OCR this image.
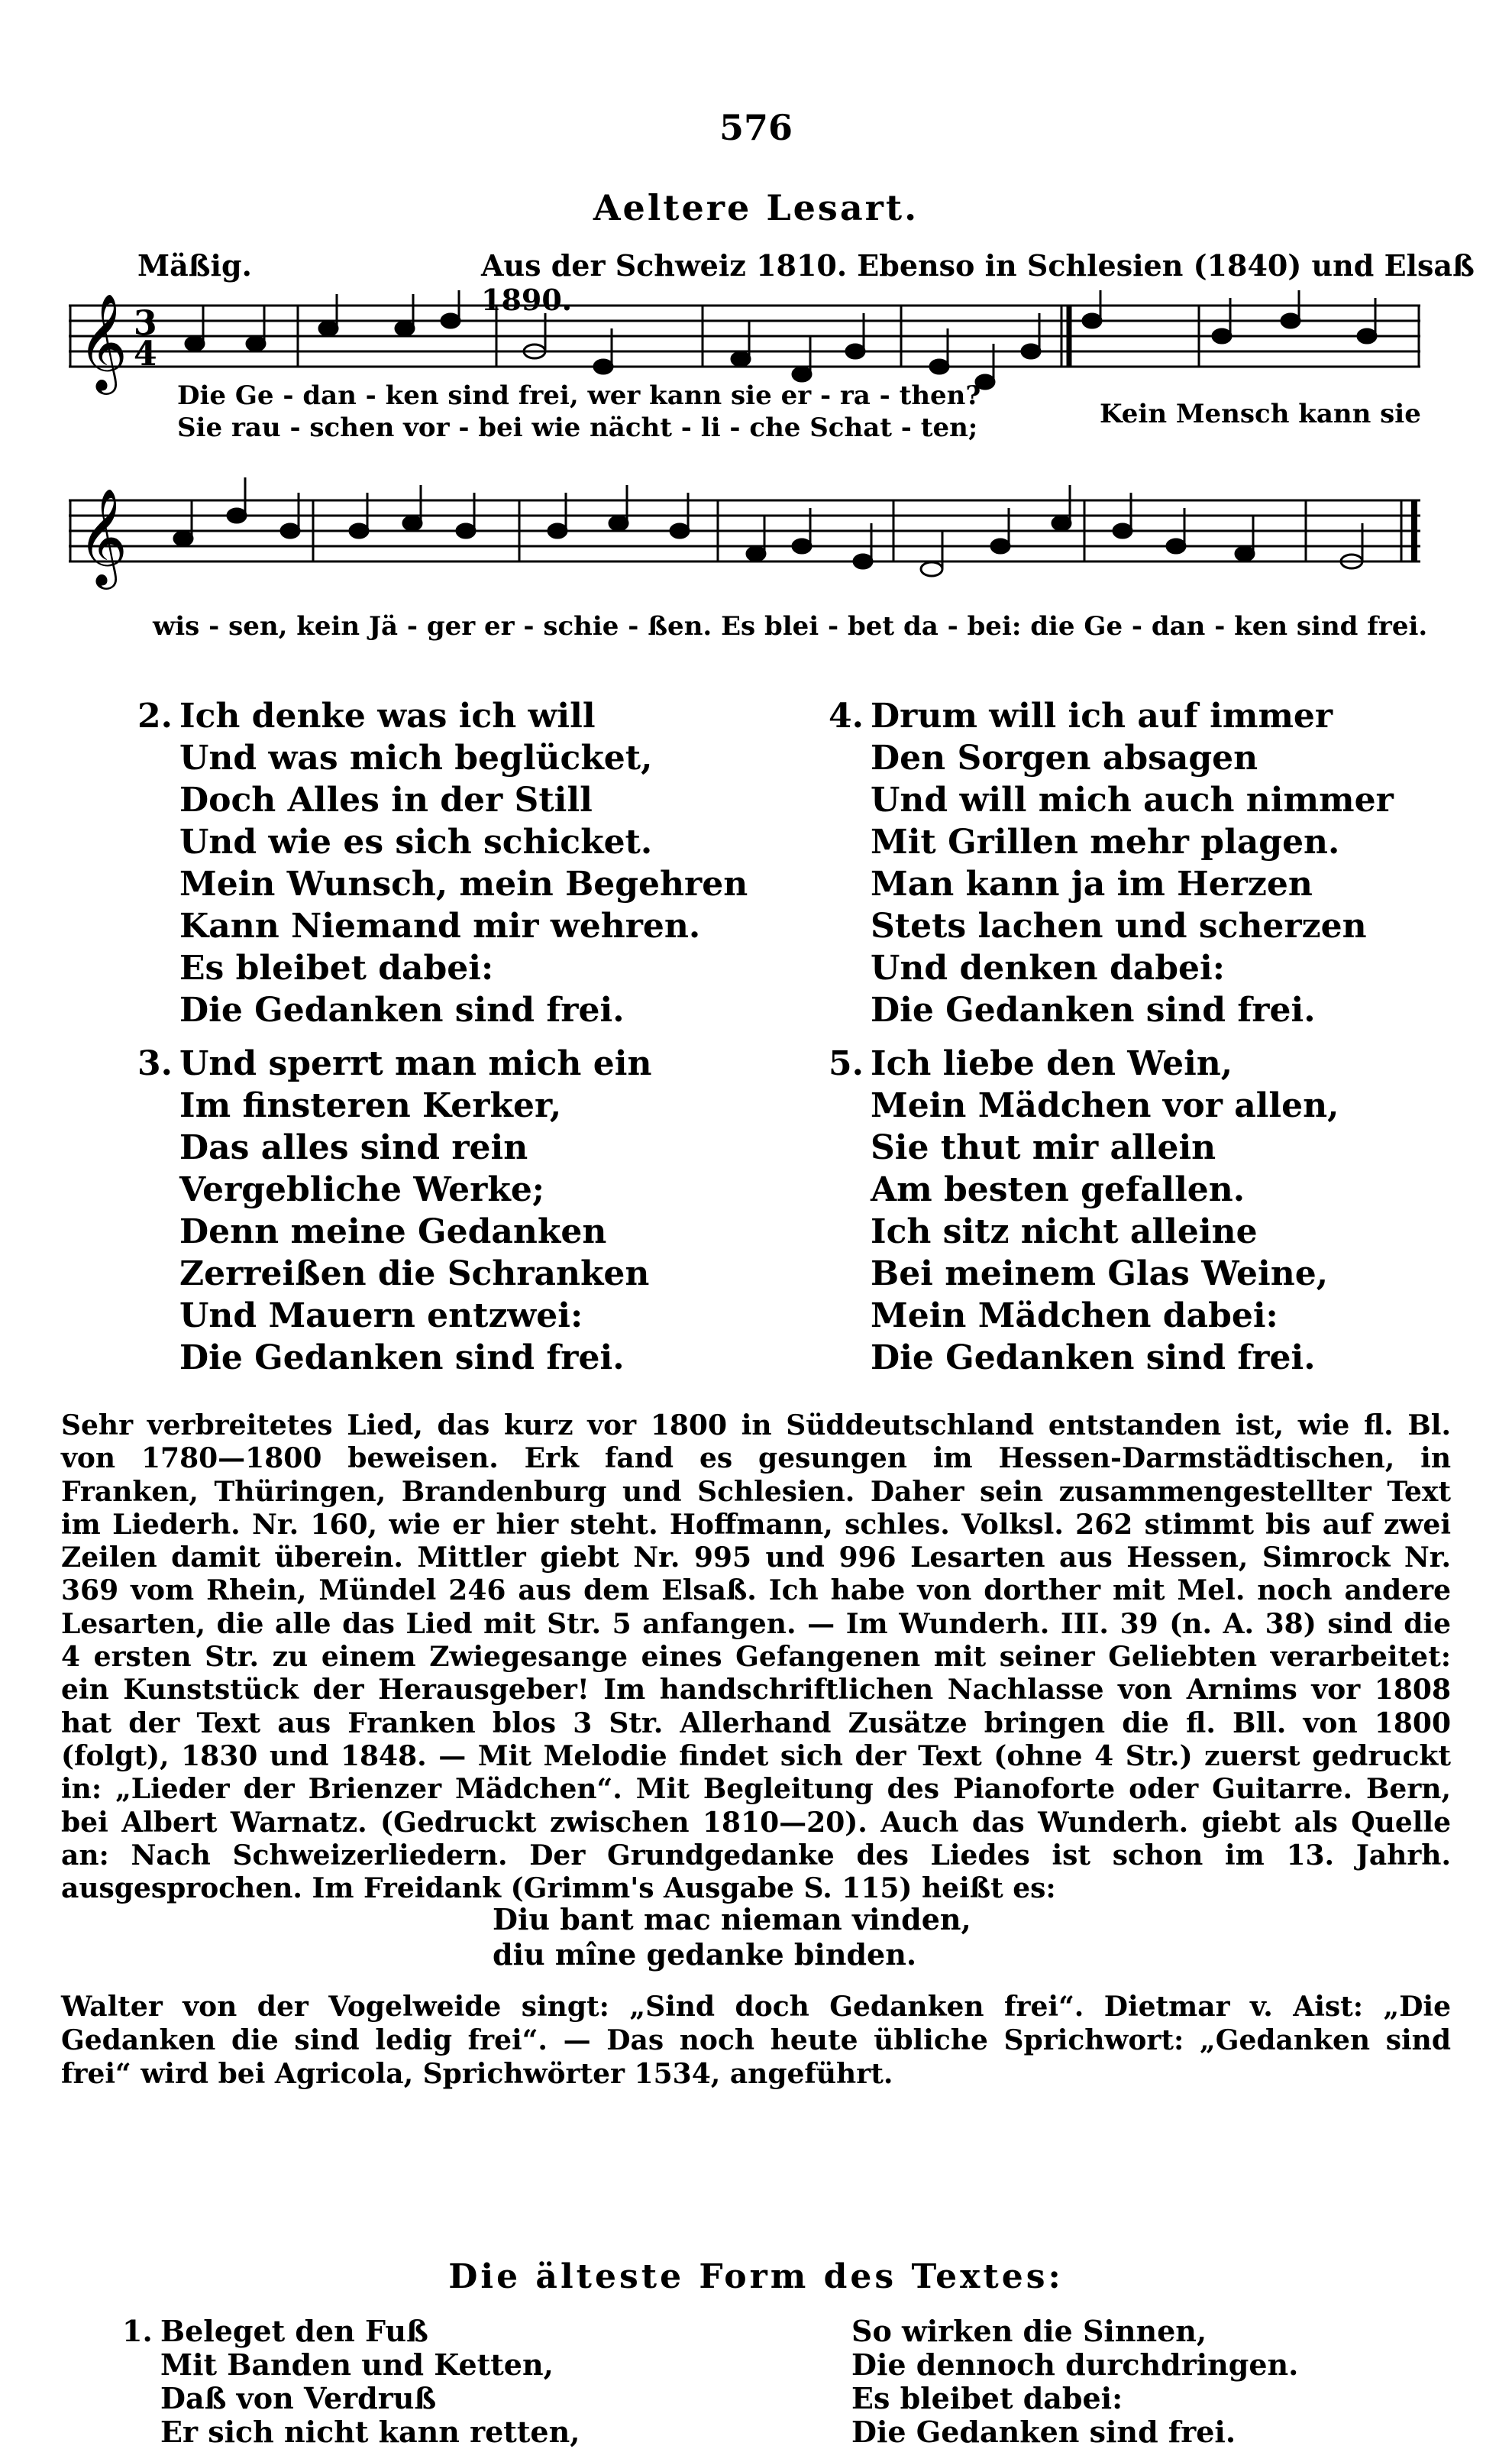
576
Aeltere Lesart.
Mäßig.	Aus der Schweiz 1810. Ebenso in Schlesien (1840) und Elsaß 1890.
𝄞 3
4
Die Ge - dan - ken sind frei, wer kann sie er - ra - then?
Sie rau - schen vor - bei wie nächt - li - che Schat - ten;	Kein Mensch kann sie
𝄞
wis - sen, kein Jä - ger er - schie - ßen. Es blei - bet da - bei: die Ge - dan - ken sind frei.
2. Ich denke was ich will
Und was mich beglücket,
Doch Alles in der Still
Und wie es sich schicket.
Mein Wunsch, mein Begehren
Kann Niemand mir wehren.
Es bleibet dabei:
Die Gedanken sind frei.
3. Und sperrt man mich ein
Im finsteren Kerker,
Das alles sind rein
Vergebliche Werke;
Denn meine Gedanken
Zerreißen die Schranken
Und Mauern entzwei:
Die Gedanken sind frei.
4. Drum will ich auf immer
Den Sorgen absagen
Und will mich auch nimmer
Mit Grillen mehr plagen.
Man kann ja im Herzen
Stets lachen und scherzen
Und denken dabei:
Die Gedanken sind frei.
5. Ich liebe den Wein,
Mein Mädchen vor allen,
Sie thut mir allein
Am besten gefallen.
Ich sitz nicht alleine
Bei meinem Glas Weine,
Mein Mädchen dabei:
Die Gedanken sind frei.
Sehr verbreitetes Lied, das kurz vor 1800 in Süddeutschland entstanden ist, wie fl. Bl. von 1780—1800 beweisen. Erk fand es gesungen im Hessen-Darmstädtischen, in Franken, Thüringen, Brandenburg und Schlesien. Daher sein zusammengestellter Text im Liederh. Nr. 160, wie er hier steht. Hoffmann, schles. Volksl. 262 stimmt bis auf zwei Zeilen damit überein. Mittler giebt Nr. 995 und 996 Lesarten aus Hessen, Simrock Nr. 369 vom Rhein, Mündel 246 aus dem Elsaß. Ich habe von dorther mit Mel. noch andere Lesarten, die alle das Lied mit Str. 5 anfangen. — Im Wunderh. III. 39 (n. A. 38) sind die 4 ersten Str. zu einem Zwiegesange eines Gefangenen mit seiner Geliebten verarbeitet: ein Kunststück der Herausgeber! Im handschriftlichen Nachlasse von Arnims vor 1808 hat der Text aus Franken blos 3 Str. Allerhand Zusätze bringen die fl. Bll. von 1800 (folgt), 1830 und 1848. — Mit Melodie findet sich der Text (ohne 4 Str.) zuerst gedruckt in: „Lieder der Brienzer Mädchen“. Mit Begleitung des Pianoforte oder Guitarre. Bern, bei Albert Warnatz. (Gedruckt zwischen 1810—20). Auch das Wunderh. giebt als Quelle an: Nach Schweizerliedern. Der Grundgedanke des Liedes ist schon im 13. Jahrh. ausgesprochen. Im Freidank (Grimm's Ausgabe S. 115) heißt es:
Diu bant mac nieman vinden,
diu mîne gedanke binden.
Walter von der Vogelweide singt: „Sind doch Gedanken frei“. Dietmar v. Aist: „Die Gedanken die sind ledig frei“. — Das noch heute übliche Sprichwort: „Gedanken sind frei“ wird bei Agricola, Sprichwörter 1534, angeführt.
Die älteste Form des Textes:
1. Beleget den Fuß
Mit Banden und Ketten,
Daß von Verdruß
Er sich nicht kann retten,
So wirken die Sinnen,
Die dennoch durchdringen.
Es bleibet dabei:
Die Gedanken sind frei.
